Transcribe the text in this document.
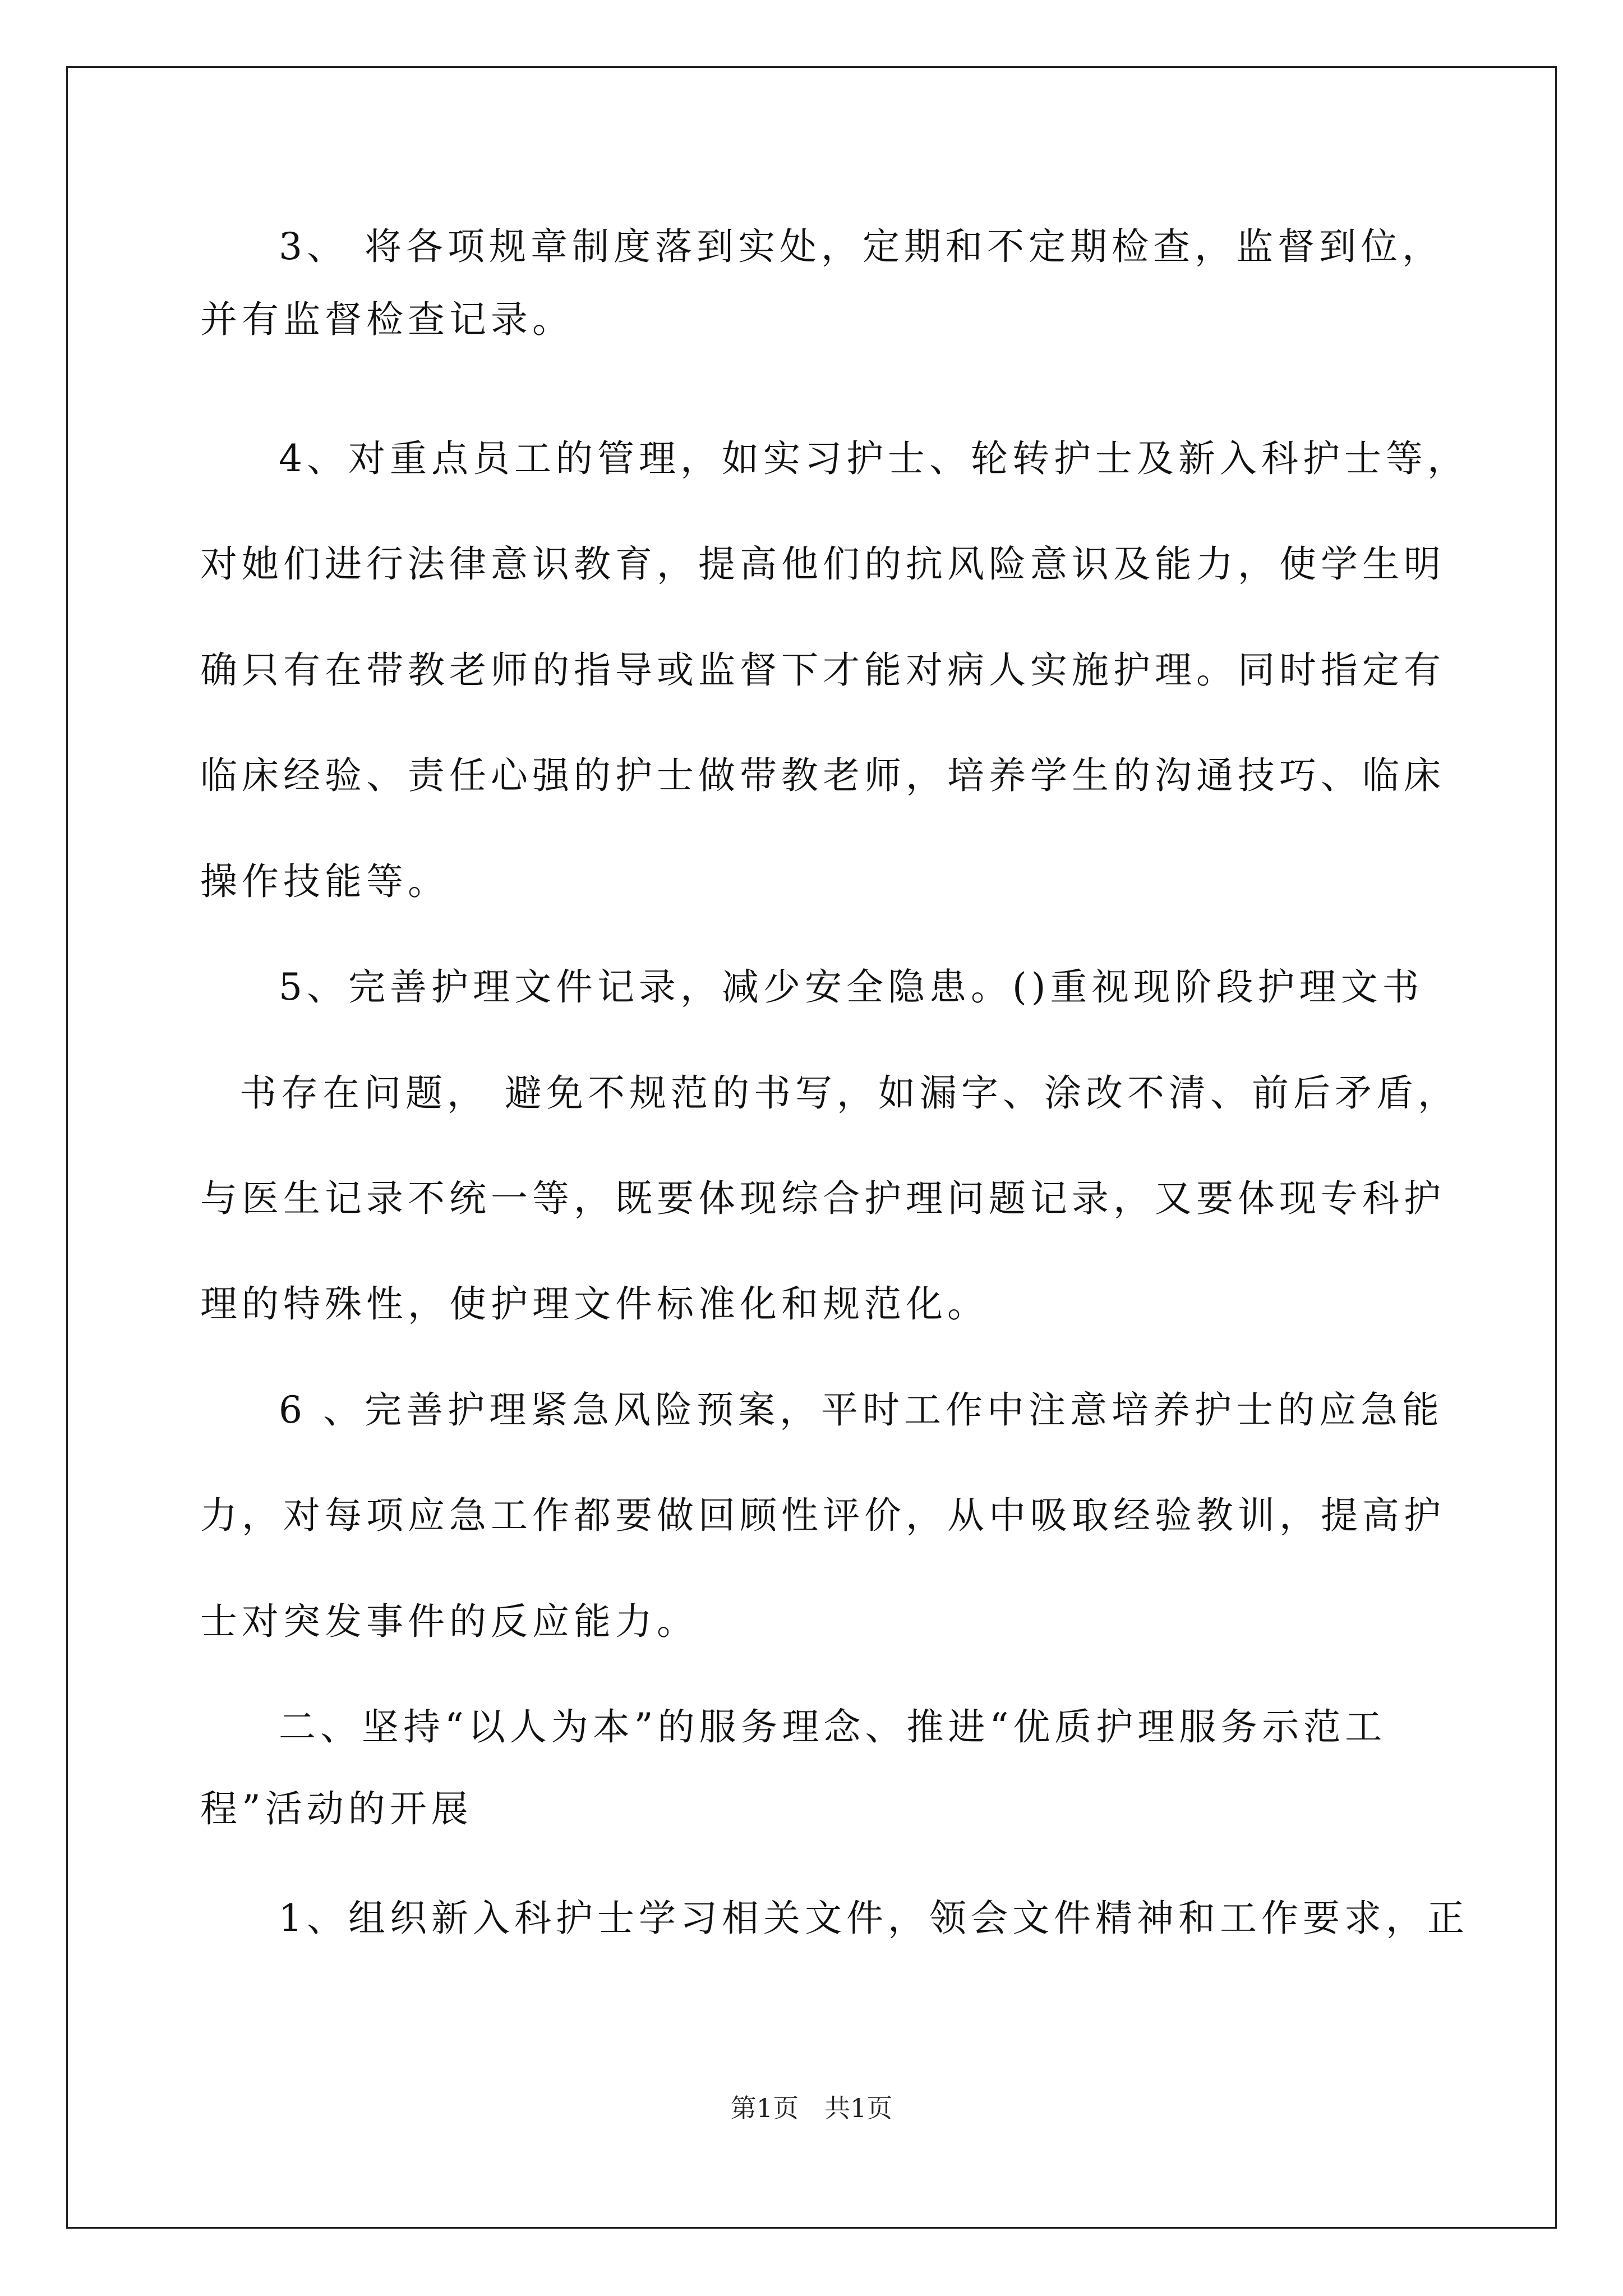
3、 将各项规章制度落到实处，定期和不定期检查，监督到位，
并有监督检查记录。
4、对重点员工的管理，如实习护士、轮转护士及新入科护士等，
对她们进行法律意识教育，提高他们的抗风险意识及能力，使学生明
确只有在带教老师的指导或监督下才能对病人实施护理。同时指定有
临床经验、责任心强的护士做带教老师，培养学生的沟通技巧、临床
操作技能等。
5、完善护理文件记录，减少安全隐患。()重视现阶段护理文书
书存在问题， 避免不规范的书写，如漏字、涂改不清、前后矛盾，
与医生记录不统一等，既要体现综合护理问题记录，又要体现专科护
理的特殊性，使护理文件标准化和规范化。
6 、完善护理紧急风险预案，平时工作中注意培养护士的应急能
力，对每项应急工作都要做回顾性评价，从中吸取经验教训，提高护
士对突发事件的反应能力。
二、坚持“以人为本”的服务理念、推进“优质护理服务示范工
程”活动的开展
1、组织新入科护士学习相关文件，领会文件精神和工作要求，正
第1页　共1页
